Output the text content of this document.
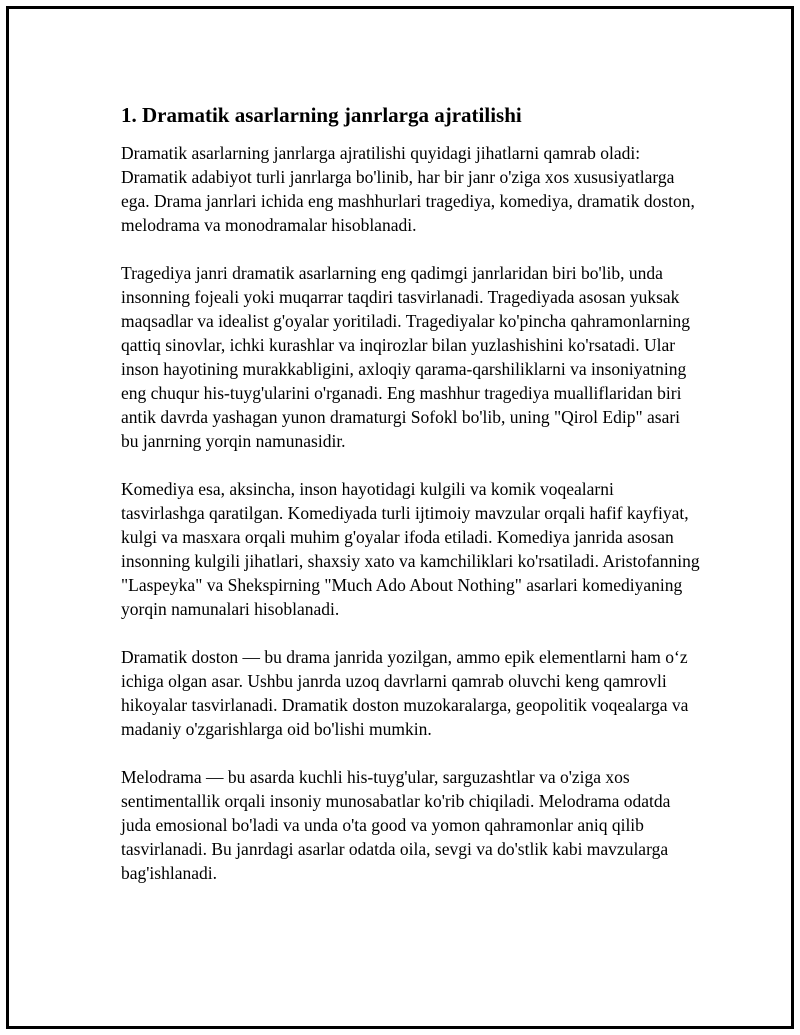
1. Dramatik asarlarning janrlarga ajratilishi

Dramatik asarlarning janrlarga ajratilishi quyidagi jihatlarni qamrab oladi: Dramatik adabiyot turli janrlarga bo'linib, har bir janr o'ziga xos xususiyatlarga ega. Drama janrlari ichida eng mashhurlari tragediya, komediya, dramatik doston, melodrama va monodramalar hisoblanadi.

Tragediya janri dramatik asarlarning eng qadimgi janrlaridan biri bo'lib, unda insonning fojeali yoki muqarrar taqdiri tasvirlanadi. Tragediyada asosan yuksak maqsadlar va idealist g'oyalar yoritiladi. Tragediyalar ko'pincha qahramonlarning qattiq sinovlar, ichki kurashlar va inqirozlar bilan yuzlashishini ko'rsatadi. Ular inson hayotining murakkabligini, axloqiy qarama-qarshiliklarni va insoniyatning eng chuqur his-tuyg'ularini o'rganadi. Eng mashhur tragediya mualliflaridan biri antik davrda yashagan yunon dramaturgi Sofokl bo'lib, uning "Qirol Edip" asari bu janrning yorqin namunasidir.

Komediya esa, aksincha, inson hayotidagi kulgili va komik voqealarni tasvirlashga qaratilgan. Komediyada turli ijtimoiy mavzular orqali hafif kayfiyat, kulgi va masxara orqali muhim g'oyalar ifoda etiladi. Komediya janrida asosan insonning kulgili jihatlari, shaxsiy xato va kamchiliklari ko'rsatiladi. Aristofanning "Laspeyka" va Shekspirning "Much Ado About Nothing" asarlari komediyaning yorqin namunalari hisoblanadi.

Dramatik doston — bu drama janrida yozilgan, ammo epik elementlarni ham o‘z ichiga olgan asar. Ushbu janrda uzoq davrlarni qamrab oluvchi keng qamrovli hikoyalar tasvirlanadi. Dramatik doston muzokaralarga, geopolitik voqealarga va madaniy o'zgarishlarga oid bo'lishi mumkin.

Melodrama — bu asarda kuchli his-tuyg'ular, sarguzashtlar va o'ziga xos sentimentallik orqali insoniy munosabatlar ko'rib chiqiladi. Melodrama odatda juda emosional bo'ladi va unda o'ta good va yomon qahramonlar aniq qilib tasvirlanadi. Bu janrdagi asarlar odatda oila, sevgi va do'stlik kabi mavzularga bag'ishlanadi.
